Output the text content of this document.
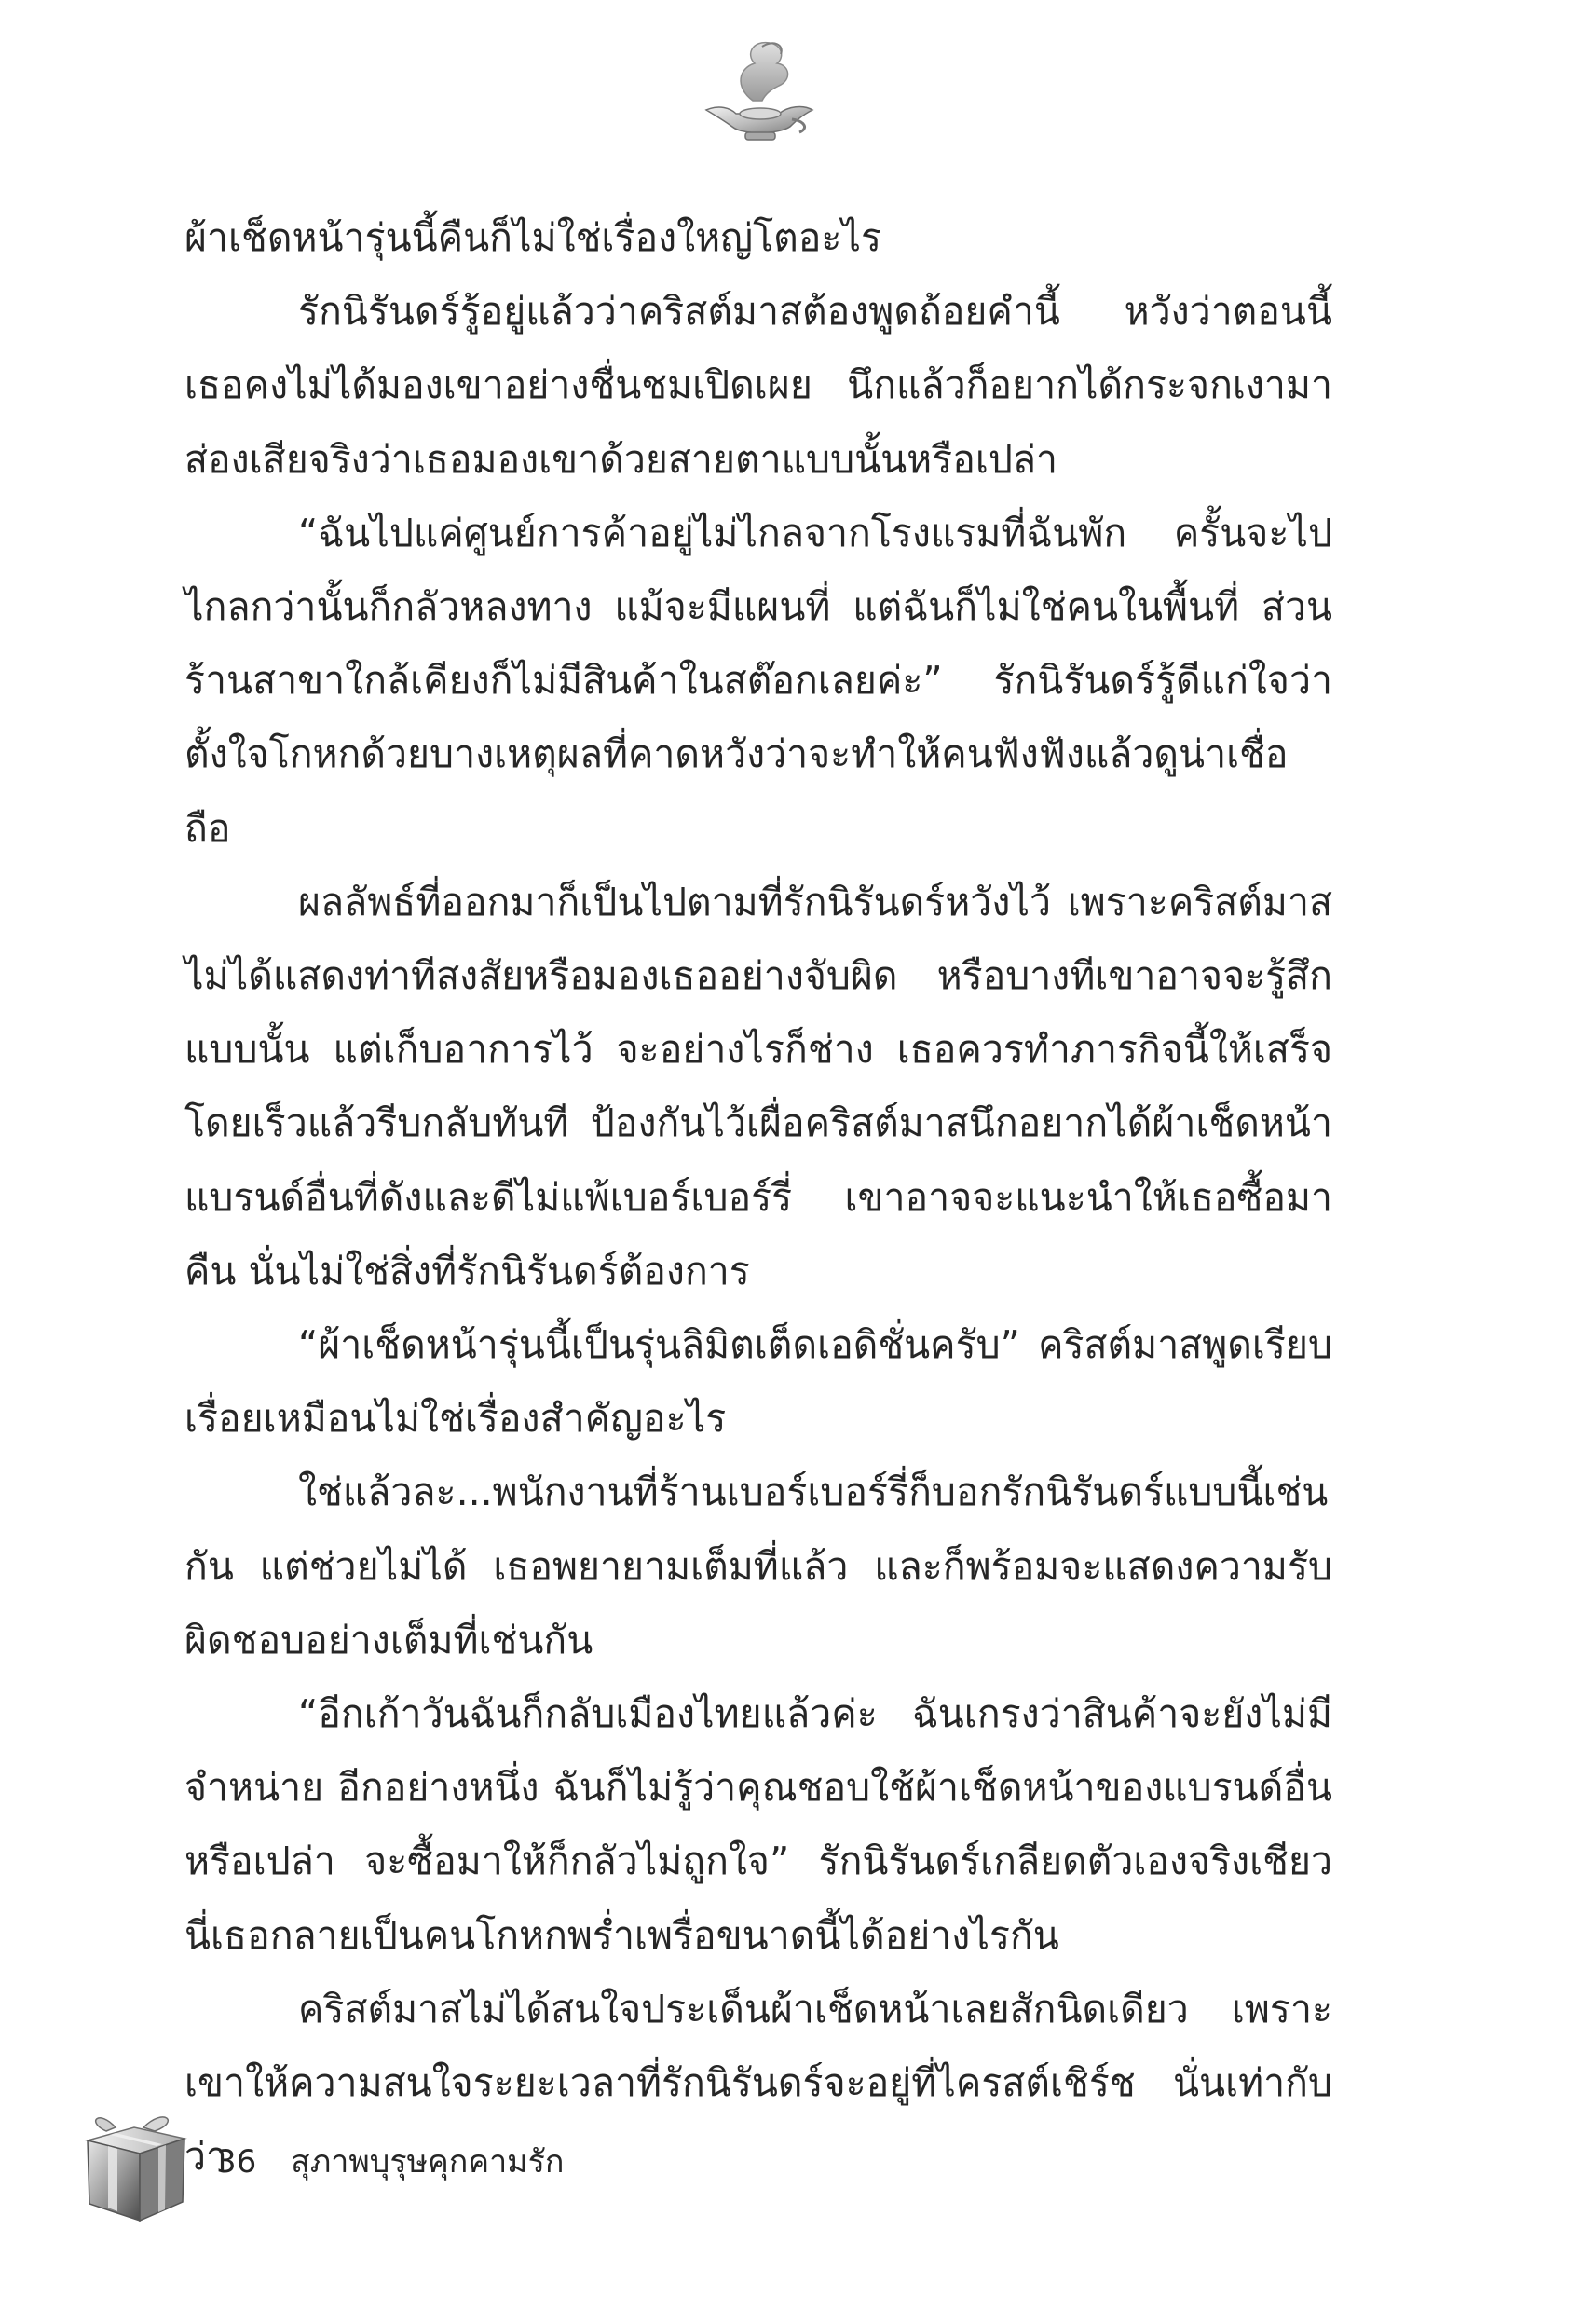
ผ้าเช็ดหน้ารุ่นนี้คืนก็ไม่ใช่เรื่องใหญ่โตอะไร

รักนิรันดร์รู้อยู่แล้วว่าคริสต์มาสต้องพูดถ้อยคำนี้ หวังว่าตอนนี้เธอคงไม่ได้มองเขาอย่างชื่นชมเปิดเผย นึกแล้วก็อยากได้กระจกเงามาส่องเสียจริงว่าเธอมองเขาด้วยสายตาแบบนั้นหรือเปล่า

“ฉันไปแค่ศูนย์การค้าอยู่ไม่ไกลจากโรงแรมที่ฉันพัก ครั้นจะไปไกลกว่านั้นก็กลัวหลงทาง แม้จะมีแผนที่ แต่ฉันก็ไม่ใช่คนในพื้นที่ ส่วนร้านสาขาใกล้เคียงก็ไม่มีสินค้าในสต๊อกเลยค่ะ” รักนิรันดร์รู้ดีแก่ใจว่าตั้งใจโกหกด้วยบางเหตุผลที่คาดหวังว่าจะทำให้คนฟังฟังแล้วดูน่าเชื่อถือ

ผลลัพธ์ที่ออกมาก็เป็นไปตามที่รักนิรันดร์หวังไว้ เพราะคริสต์มาสไม่ได้แสดงท่าทีสงสัยหรือมองเธออย่างจับผิด หรือบางทีเขาอาจจะรู้สึกแบบนั้น แต่เก็บอาการไว้ จะอย่างไรก็ช่าง เธอควรทำภารกิจนี้ให้เสร็จโดยเร็วแล้วรีบกลับทันที ป้องกันไว้เผื่อคริสต์มาสนึกอยากได้ผ้าเช็ดหน้าแบรนด์อื่นที่ดังและดีไม่แพ้เบอร์เบอร์รี่ เขาอาจจะแนะนำให้เธอซื้อมาคืน นั่นไม่ใช่สิ่งที่รักนิรันดร์ต้องการ

“ผ้าเช็ดหน้ารุ่นนี้เป็นรุ่นลิมิตเต็ดเอดิชั่นครับ” คริสต์มาสพูดเรียบเรื่อยเหมือนไม่ใช่เรื่องสำคัญอะไร

ใช่แล้วละ...พนักงานที่ร้านเบอร์เบอร์รี่ก็บอกรักนิรันดร์แบบนี้เช่นกัน แต่ช่วยไม่ได้ เธอพยายามเต็มที่แล้ว และก็พร้อมจะแสดงความรับผิดชอบอย่างเต็มที่เช่นกัน

“อีกเก้าวันฉันก็กลับเมืองไทยแล้วค่ะ ฉันเกรงว่าสินค้าจะยังไม่มีจำหน่าย อีกอย่างหนึ่ง ฉันก็ไม่รู้ว่าคุณชอบใช้ผ้าเช็ดหน้าของแบรนด์อื่นหรือเปล่า จะซื้อมาให้ก็กลัวไม่ถูกใจ” รักนิรันดร์เกลียดตัวเองจริงเชียว นี่เธอกลายเป็นคนโกหกพร่ำเพรื่อขนาดนี้ได้อย่างไรกัน

คริสต์มาสไม่ได้สนใจประเด็นผ้าเช็ดหน้าเลยสักนิดเดียว เพราะเขาให้ความสนใจระยะเวลาที่รักนิรันดร์จะอยู่ที่ไครสต์เชิร์ช นั่นเท่ากับว่า

36 สุภาพบุรุษคุกคามรัก
